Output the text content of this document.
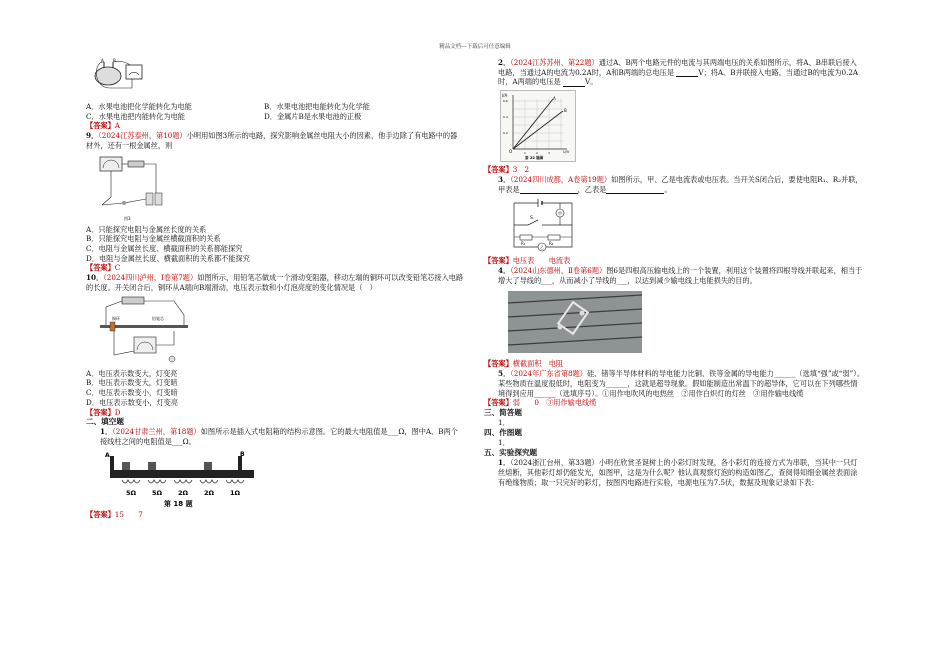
精品文档---下载后可任意编辑
A B
A．水果电池把化学能转化为电能	B．水果电池把电能转化为化学能
C．水果电池把内能转化为电能	D．金属片B是水果电池的正极

【答案】A

9．（2024江苏泰州，第10题）小明用如图3所示的电路，探究影响金属丝电阻大小的因素，他手边除了有电路中的器材外，还有一根金属丝，则

图3

A．只能探究电阻与金属丝长度的关系

B．只能探究电阻与金属丝横截面积的关系

C．电阻与金属丝长度、横截面积的关系都能探究

D．电阻与金属丝长度、横截面积的关系都不能探究

【答案】C

10．（2024四川泸州，Ⅰ卷第7题）如图所示，用铅笔芯做成一个滑动变阻器，移动左端的铜环可以改变铅笔芯接入电路的长度。开关闭合后，铜环从A端向B端滑动，电压表示数和小灯泡亮度的变化情况是（　）

铜环	铅笔芯

A．电压表示数变大，灯变亮

B．电压表示数变大，灯变暗

C．电压表示数变小，灯变暗

D．电压表示数变小，灯变亮

【答案】D

二、填空题

1．（2024甘肃兰州，第18题）如图所示是插入式电阻箱的结构示意图。它的最大电阻值是___Ω，图中A、B两个接线柱之间的电阻值是___Ω。

A	B
5Ω 5Ω 2Ω 2Ω 1Ω
第 18 题

【答案】15　　7

2．（2024江苏苏州，第22题）通过A、B两个电路元件的电流与其两端电压的关系如图所示，将A、B串联后接入电路，当通过A的电流为0.2A时，A和B两端的总电压是	V；将A、B并联接入电路，当通过B的电流为0.2A时，A两端的电压是	V。

I/A
U/V
O
A
B
0.6
0.4
0.2
1	2	3
第 22 题图

【答案】3　2

3．（2024四川成都，A卷第19题）如图所示，甲、乙是电流表或电压表。当开关S闭合后，要使电阻R₁、R₂并联，甲表是	，乙表是	。

S
甲
R₁	R₂
乙

【答案】电压表　　电流表

4．（2024山东德州，Ⅱ卷第6题）图6是四根高压输电线上的一个装置，利用这个装置将四根导线并联起来，相当于增大了导线的___，从而减小了导线的___，以达到减少输电线上电能损失的目的。

【答案】横截面积　电阻

5．（2024年广东省第8题）硅、锗等半导体材料的导电能力比铜、铁等金属的导电能力______（选填“强”或“弱”）。某些物质在温度很低时，电阻变为______，这就是超导现象。假如能制造出常温下的超导体，它可以在下列哪些情境得到应用______（选填序号）。①用作电吹风的电热丝　②用作白炽灯的灯丝　③用作输电线缆

【答案】弱　　0　③用作输电线缆

三、简答题

1．

四、作图题

1．

五、实验探究题

1．（2024浙江台州，第33题）小明在欣赏圣诞树上的小彩灯时发现，各小彩灯的连接方式为串联，当其中一只灯丝熔断，其他彩灯却仍能发光，如图甲，这是为什么呢？他认真观察灯泡的构造如图乙，查阅得知细金属丝表面涂有绝缘物质；取一只完好的彩灯，按图丙电路进行实验，电源电压为7.5伏，数据及现象记录如下表：
